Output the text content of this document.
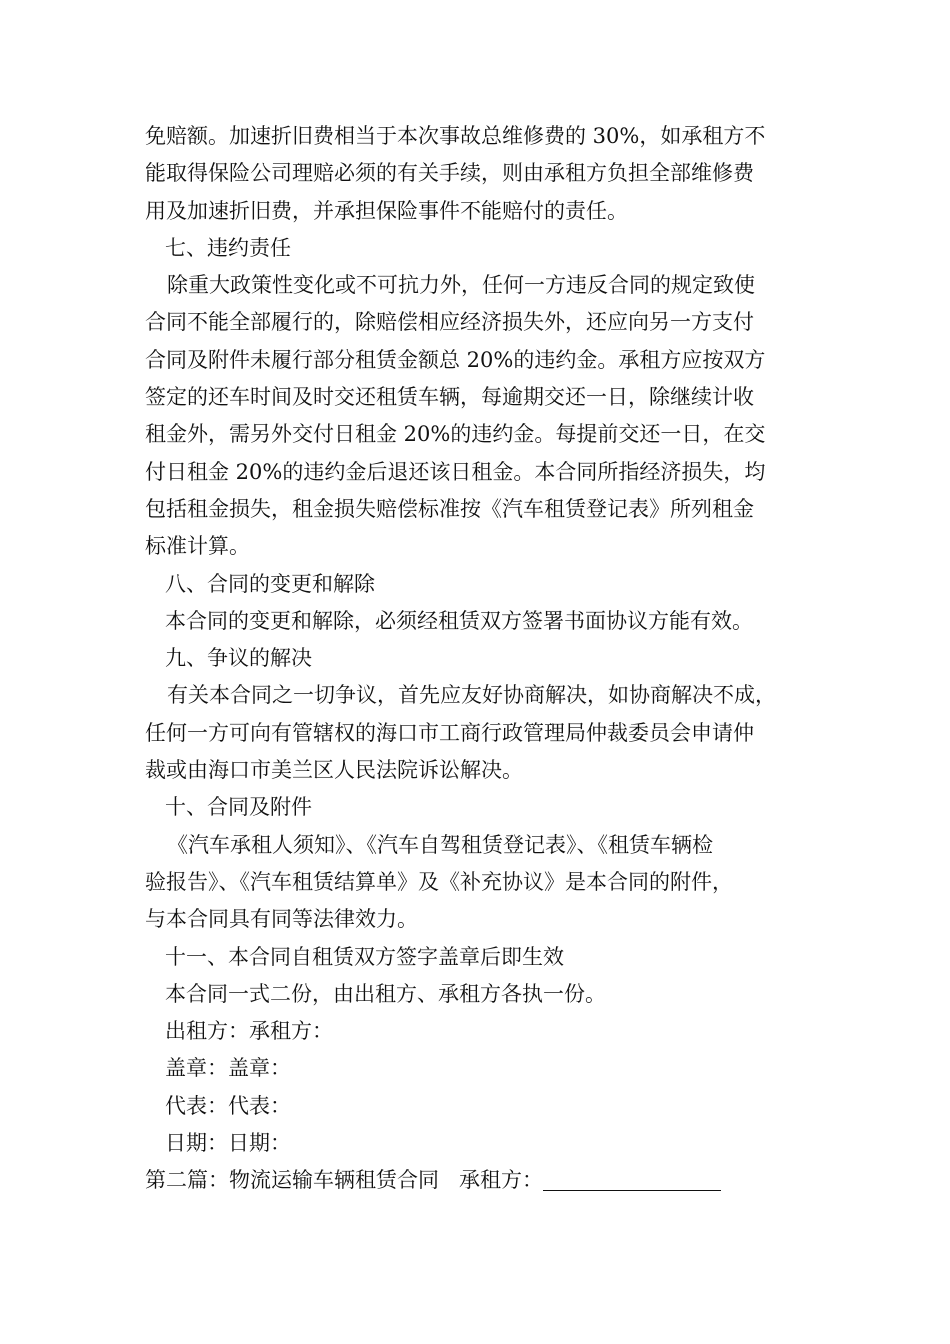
免赔额。加速折旧费相当于本次事故总维修费的 30%，如承租方不
能取得保险公司理赔必须的有关手续，则由承租方负担全部维修费
用及加速折旧费，并承担保险事件不能赔付的责任。
七、违约责任
除重大政策性变化或不可抗力外，任何一方违反合同的规定致使
合同不能全部履行的，除赔偿相应经济损失外，还应向另一方支付
合同及附件未履行部分租赁金额总 20%的违约金。承租方应按双方
签定的还车时间及时交还租赁车辆，每逾期交还一日，除继续计收
租金外，需另外交付日租金 20%的违约金。每提前交还一日，在交
付日租金 20%的违约金后退还该日租金。本合同所指经济损失，均
包括租金损失，租金损失赔偿标准按《汽车租赁登记表》所列租金
标准计算。
八、合同的变更和解除
本合同的变更和解除，必须经租赁双方签署书面协议方能有效。
九、争议的解决
有关本合同之一切争议，首先应友好协商解决，如协商解决不成，
任何一方可向有管辖权的海口市工商行政管理局仲裁委员会申请仲
裁或由海口市美兰区人民法院诉讼解决。
十、合同及附件
《汽车承租人须知》、《汽车自驾租赁登记表》、《租赁车辆检
验报告》、《汽车租赁结算单》及《补充协议》是本合同的附件，
与本合同具有同等法律效力。
十一、本合同自租赁双方签字盖章后即生效
本合同一式二份，由出租方、承租方各执一份。
出租方：承租方：
盖章：盖章：
代表：代表：
日期：日期：
第二篇：物流运输车辆租赁合同 承租方：
